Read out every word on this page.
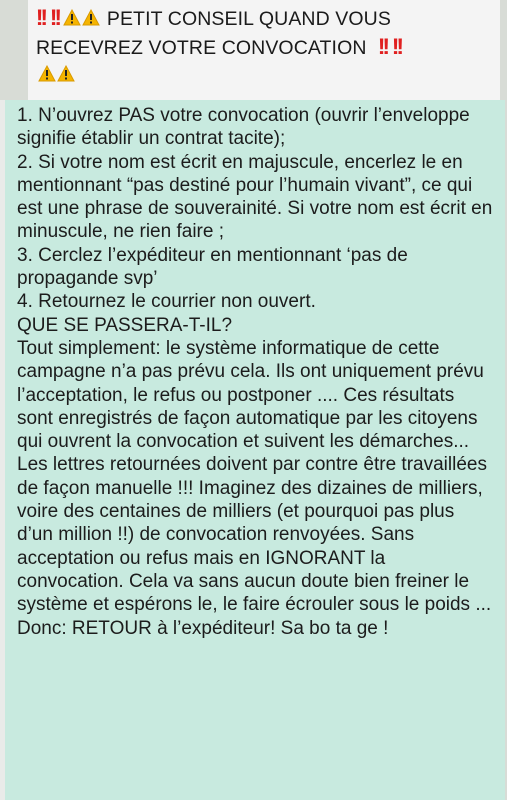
!! !! PETIT CONSEIL QUAND VOUS RECEVREZ VOTRE CONVOCATION !! !!

1. N’ouvrez PAS votre convocation (ouvrir l’enveloppe signifie établir un contrat tacite);
2. Si votre nom est écrit en majuscule, encerlez le en mentionnant “pas destiné pour l’humain vivant”, ce qui est une phrase de souverainité. Si votre nom est écrit en minuscule, ne rien faire ;
3. Cerclez l’expéditeur en mentionnant ‘pas de propagande svp’
4. Retournez le courrier non ouvert.
QUE SE PASSERA-T-IL?
Tout simplement: le système informatique de cette campagne n’a pas prévu cela. Ils ont uniquement prévu l’acceptation, le refus ou postponer .... Ces résultats sont enregistrés de façon automatique par les citoyens qui ouvrent la convocation et suivent les démarches... Les lettres retournées doivent par contre être travaillées de façon manuelle !!! Imaginez des dizaines de milliers, voire des centaines de milliers (et pourquoi pas plus d’un million !!) de convocation renvoyées. Sans acceptation ou refus mais en IGNORANT la convocation. Cela va sans aucun doute bien freiner le système et espérons le, le faire écrouler sous le poids ... Donc: RETOUR à l’expéditeur! Sa bo ta ge !
